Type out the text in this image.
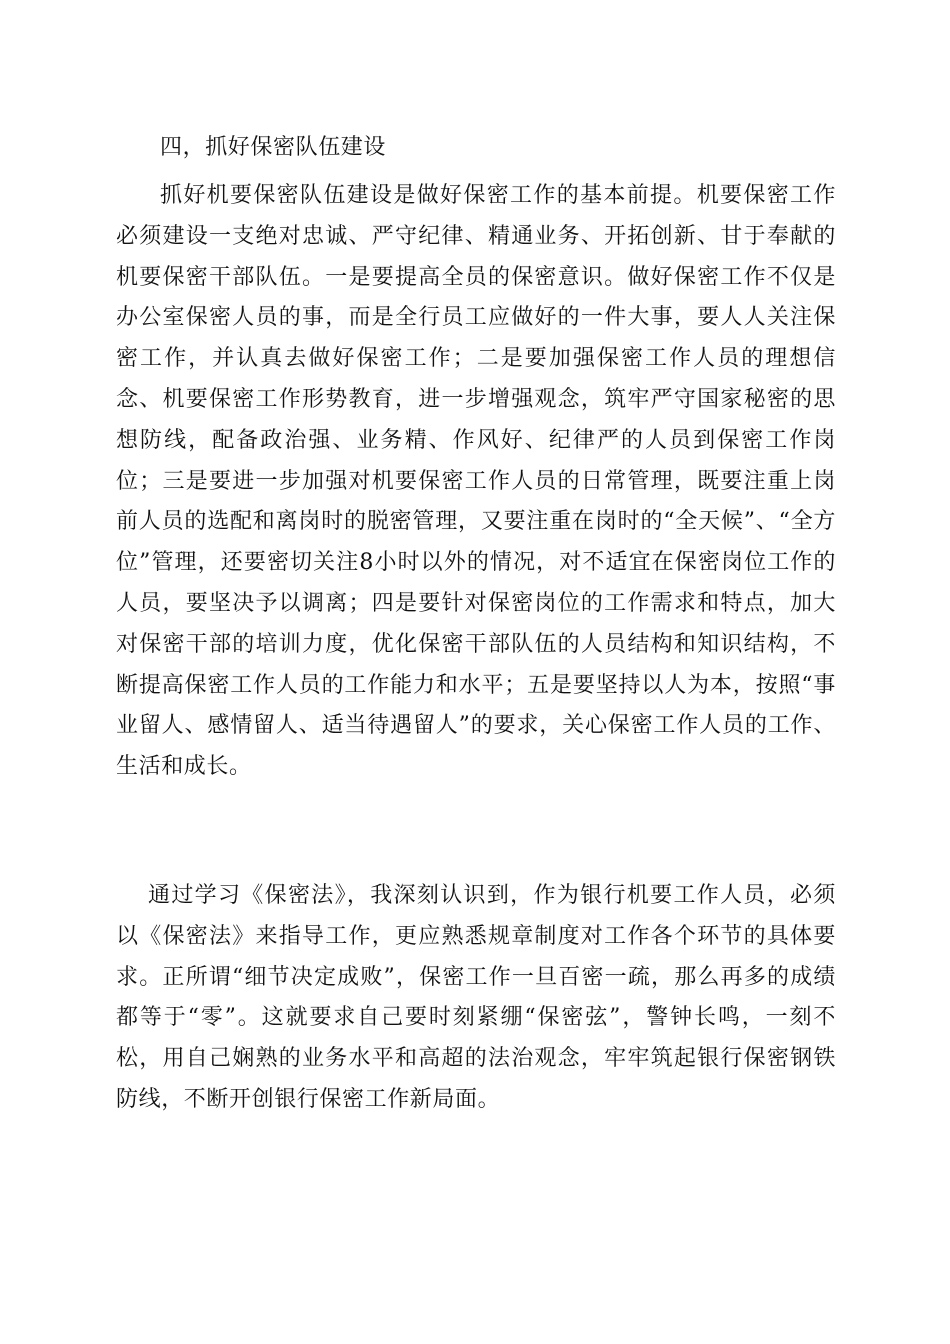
四，抓好保密队伍建设

抓好机要保密队伍建设是做好保密工作的基本前提。机要保密工作必须建设一支绝对忠诚、严守纪律、精通业务、开拓创新、甘于奉献的机要保密干部队伍。一是要提高全员的保密意识。做好保密工作不仅是办公室保密人员的事，而是全行员工应做好的一件大事，要人人关注保密工作，并认真去做好保密工作；二是要加强保密工作人员的理想信念、机要保密工作形势教育，进一步增强观念，筑牢严守国家秘密的思想防线，配备政治强、业务精、作风好、纪律严的人员到保密工作岗位；三是要进一步加强对机要保密工作人员的日常管理，既要注重上岗前人员的选配和离岗时的脱密管理，又要注重在岗时的“全天候”、“全方位”管理，还要密切关注8小时以外的情况，对不适宜在保密岗位工作的人员，要坚决予以调离；四是要针对保密岗位的工作需求和特点，加大对保密干部的培训力度，优化保密干部队伍的人员结构和知识结构，不断提高保密工作人员的工作能力和水平；五是要坚持以人为本，按照“事业留人、感情留人、适当待遇留人”的要求，关心保密工作人员的工作、生活和成长。

通过学习《保密法》，我深刻认识到，作为银行机要工作人员，必须以《保密法》来指导工作，更应熟悉规章制度对工作各个环节的具体要求。正所谓“细节决定成败”，保密工作一旦百密一疏，那么再多的成绩都等于“零”。这就要求自己要时刻紧绷“保密弦”，警钟长鸣，一刻不松，用自己娴熟的业务水平和高超的法治观念，牢牢筑起银行保密钢铁防线，不断开创银行保密工作新局面。
